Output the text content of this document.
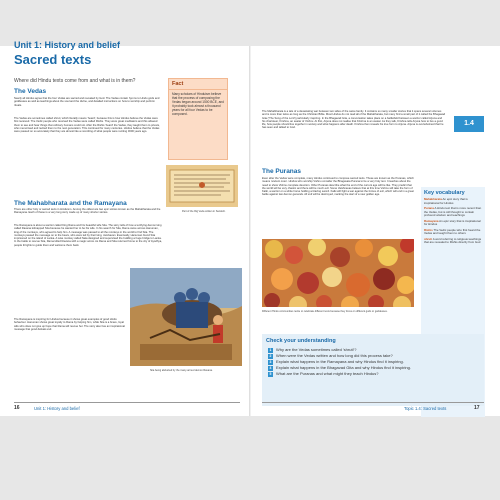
Unit 1: History and belief
Sacred texts
Where did Hindu texts come from and what is in them?
The Vedas
Nearly all Hindus agree that the four Vedas are sacred and revealed by God. The Vedas contain hymns to Hindu gods and goddesses as well as teachings about the soul and the divine, and detailed instructions on how to worship and perform rituals.
The Vedas are sometimes called shruti, which literally means 'heard', because this is how Hindus believe the Vedas were first received. The Vedic people who received the Vedas were called Rishis. They were great meditators and this allowed them to see and hear things that ordinary humans could not. After the Rishis 'heard' the Vedas, they taught them to priests, who memorised and recited them to the next generation. This continued for many centuries. Hindus believe that the Vedas were passed on so accurately that they are almost like a recording of what people were reciting 3000 years ago.
Fact
Many scholars of Hinduism believe that the process of composing the Vedas began around 1500 BCE, and it probably took almost a thousand years for all four Vedas to be composed.
Part of the Rig Veda written in Sanskrit.
The Mahabharata and the Ramayana
There are other holy or sacred texts in Hinduism. Among the oldest are two epic stories known as the Mahabharata and the Ramayana. Each of these is a very long story made up of many shorter stories.
The Ramayana is about a warrior called King Rama and his beautiful wife Sita. The story tells of how a terrifying demon king called Ravana kidnapped Sita because he wanted her to be his wife. In his search for Sita, Rama came across Hanuman, king of the monkeys, who agreed to help him. A message was passed to all the monkeys in the world to find Sita. The monkeys passed the message on to the bears, who were led by their king, Jambavan. Eventually, Hanuman found Sita imprisoned on the island of Lanka. A wise monkey called Nala designed and supervised the building a huge bridge to Lanka. In the battle to rescue Sita, Rama killed Ravana with a magic arrow. As Rama and Sita returned home to the city of Ayodhya, people lit lights to guide them and welcome them back.
The Ramayana is inspiring for Hindus because it shows great examples of good Hindu behaviour. Hanuman shows great loyalty to Rama by helping him, while Sita is a brave, loyal wife who does not give up hope that Rama will rescue her. The story also has an inspirational message that good defeats evil.
Sita being abducted by the many-armed demon Ravana.
1.4
The Mahabharata is a tale of a devastating war between two sides of the same family. It contains so many smaller stories that it spans several volumes and is more than twice as long as the Christian Bible. Most Hindus do not read all of the Mahabharata, but many find a small part of it called the Bhagavad Gita ('The Song of the Lord') particularly inspiring. In the Bhagavad Gita, a conversation takes place on a battlefield between a warrior called Arjuna and his charioteer, Krishna, an avatar of Vishnu. At first, Arjuna does not realise that Krishna is an avatar. As they talk, Krishna tells Arjuna how to live a good life, how people should live together in society and what happens after death. Krishna then reveals his true form to Arjuna. Arjuna is overwhelmed that he has seen and talked to God.
The Puranas
Even after the Vedas were complete, many Hindus continued to compose sacred texts. These are known as the Puranas, which means 'ancient ones'. Hindus who worship Vishnu consider the Bhagavata Purana to be a very holy text. It teaches about the need to show Vishnu complete devotion. Other Puranas describe what the end of the current age will be like. They predict that the world will be very chaotic and there will be much evil. Some Vaishnavas believe that at this time Vishnu will take the form of Kalki, a warrior on a white horse holding a blazing sword. Kalki will fight a war against the forces of evil, which will end in a great battle against two demon generals. All evil will be destroyed, marking the start of a new golden age.
Different Hindu communities recite or celebrate different texts because they focus on different gods or goddesses.
Key vocabulary
Mahabharata An epic story that is inspirational for Hindus
Purana A Hindu text that is more recent than the Vedas, but is still thought to contain profound wisdom and teachings
Ramayana An epic story that is inspirational for Hindus
Rishis The Vedic people who first heard the Vedas and taught them to others
shruti A word referring to religious teachings that are revealed to Rishis directly from God
Check your understanding
1	Why are the Vedas sometimes called 'shruti'?
2	When were the Vedas written and how long did this process take?
3	Explain what happens in the Ramayana and why Hindus find it inspiring.
4	Explain what happens in the Bhagavad Gita and why Hindus find it inspiring.
5	What are the Puranas and what might they teach Hindus?
16	Unit 1: History and belief	Topic 1.4: Sacred texts	17
